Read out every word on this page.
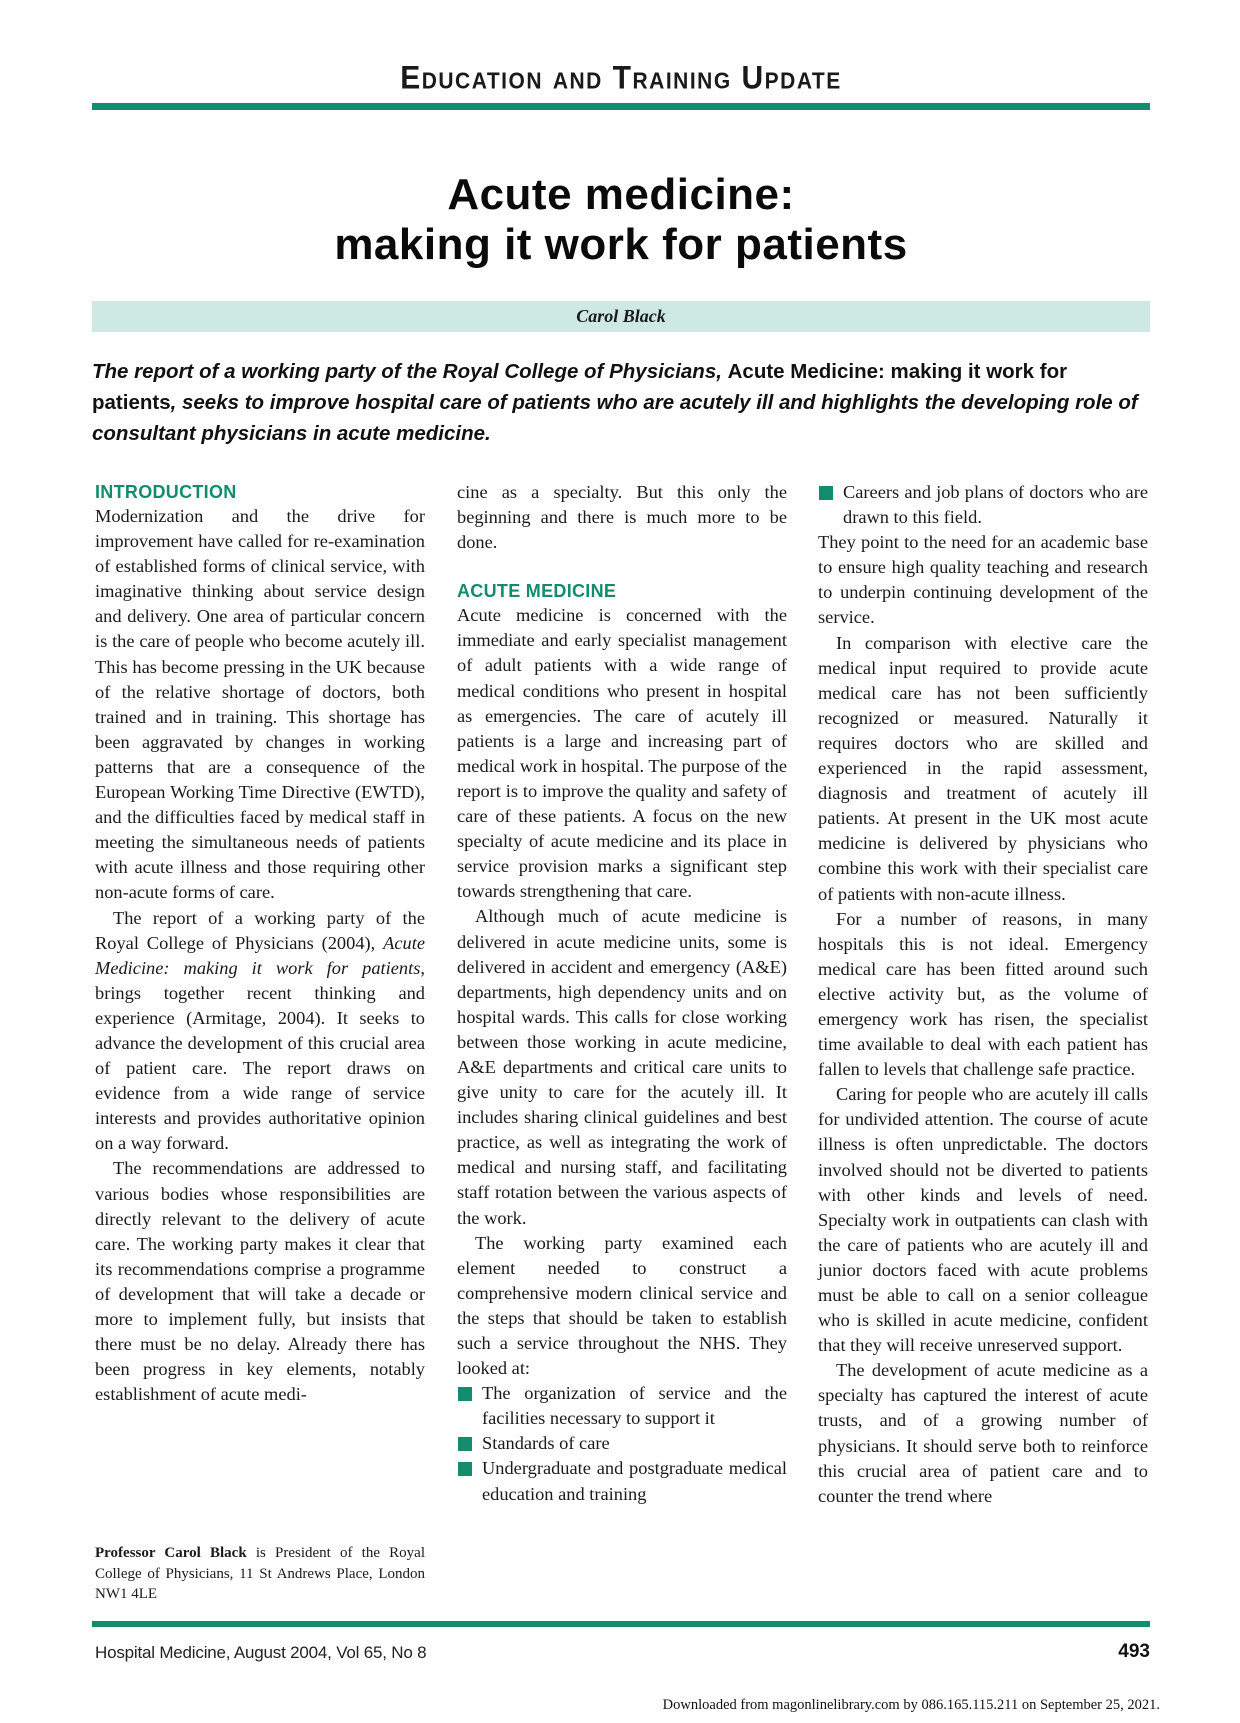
Education and Training Update
Acute medicine:
making it work for patients
Carol Black
The report of a working party of the Royal College of Physicians, Acute Medicine: making it work for patients, seeks to improve hospital care of patients who are acutely ill and highlights the developing role of consultant physicians in acute medicine.
INTRODUCTION

Modernization and the drive for improvement have called for re-examination of established forms of clinical service, with imaginative thinking about service design and delivery. One area of particular concern is the care of people who become acutely ill. This has become pressing in the UK because of the relative shortage of doctors, both trained and in training. This shortage has been aggravated by changes in working patterns that are a consequence of the European Working Time Directive (EWTD), and the difficulties faced by medical staff in meeting the simultaneous needs of patients with acute illness and those requiring other non-acute forms of care.

The report of a working party of the Royal College of Physicians (2004), Acute Medicine: making it work for patients, brings together recent thinking and experience (Armitage, 2004). It seeks to advance the development of this crucial area of patient care. The report draws on evidence from a wide range of service interests and provides authoritative opinion on a way forward.

The recommendations are addressed to various bodies whose responsibilities are directly relevant to the delivery of acute care. The working party makes it clear that its recommendations comprise a programme of development that will take a decade or more to implement fully, but insists that there must be no delay. Already there has been progress in key elements, notably establishment of acute medi-

Professor Carol Black is President of the Royal College of Physicians, 11 St Andrews Place, London NW1 4LE

cine as a specialty. But this only the beginning and there is much more to be done.

ACUTE MEDICINE

Acute medicine is concerned with the immediate and early specialist management of adult patients with a wide range of medical conditions who present in hospital as emergencies. The care of acutely ill patients is a large and increasing part of medical work in hospital. The purpose of the report is to improve the quality and safety of care of these patients. A focus on the new specialty of acute medicine and its place in service provision marks a significant step towards strengthening that care.

Although much of acute medicine is delivered in acute medicine units, some is delivered in accident and emergency (A&E) departments, high dependency units and on hospital wards. This calls for close working between those working in acute medicine, A&E departments and critical care units to give unity to care for the acutely ill. It includes sharing clinical guidelines and best practice, as well as integrating the work of medical and nursing staff, and facilitating staff rotation between the various aspects of the work.

The working party examined each element needed to construct a comprehensive modern clinical service and the steps that should be taken to establish such a service throughout the NHS. They looked at:

The organization of service and the facilities necessary to support it
Standards of care
Undergraduate and postgraduate medical education and training
Careers and job plans of doctors who are drawn to this field.

They point to the need for an academic base to ensure high quality teaching and research to underpin continuing development of the service.

In comparison with elective care the medical input required to provide acute medical care has not been sufficiently recognized or measured. Naturally it requires doctors who are skilled and experienced in the rapid assessment, diagnosis and treatment of acutely ill patients. At present in the UK most acute medicine is delivered by physicians who combine this work with their specialist care of patients with non-acute illness.

For a number of reasons, in many hospitals this is not ideal. Emergency medical care has been fitted around such elective activity but, as the volume of emergency work has risen, the specialist time available to deal with each patient has fallen to levels that challenge safe practice.

Caring for people who are acutely ill calls for undivided attention. The course of acute illness is often unpredictable. The doctors involved should not be diverted to patients with other kinds and levels of need. Specialty work in outpatients can clash with the care of patients who are acutely ill and junior doctors faced with acute problems must be able to call on a senior colleague who is skilled in acute medicine, confident that they will receive unreserved support.

The development of acute medicine as a specialty has captured the interest of acute trusts, and of a growing number of physicians. It should serve both to reinforce this crucial area of patient care and to counter the trend where

Hospital Medicine, August 2004, Vol 65, No 8	493
Downloaded from magonlinelibrary.com by 086.165.115.211 on September 25, 2021.
